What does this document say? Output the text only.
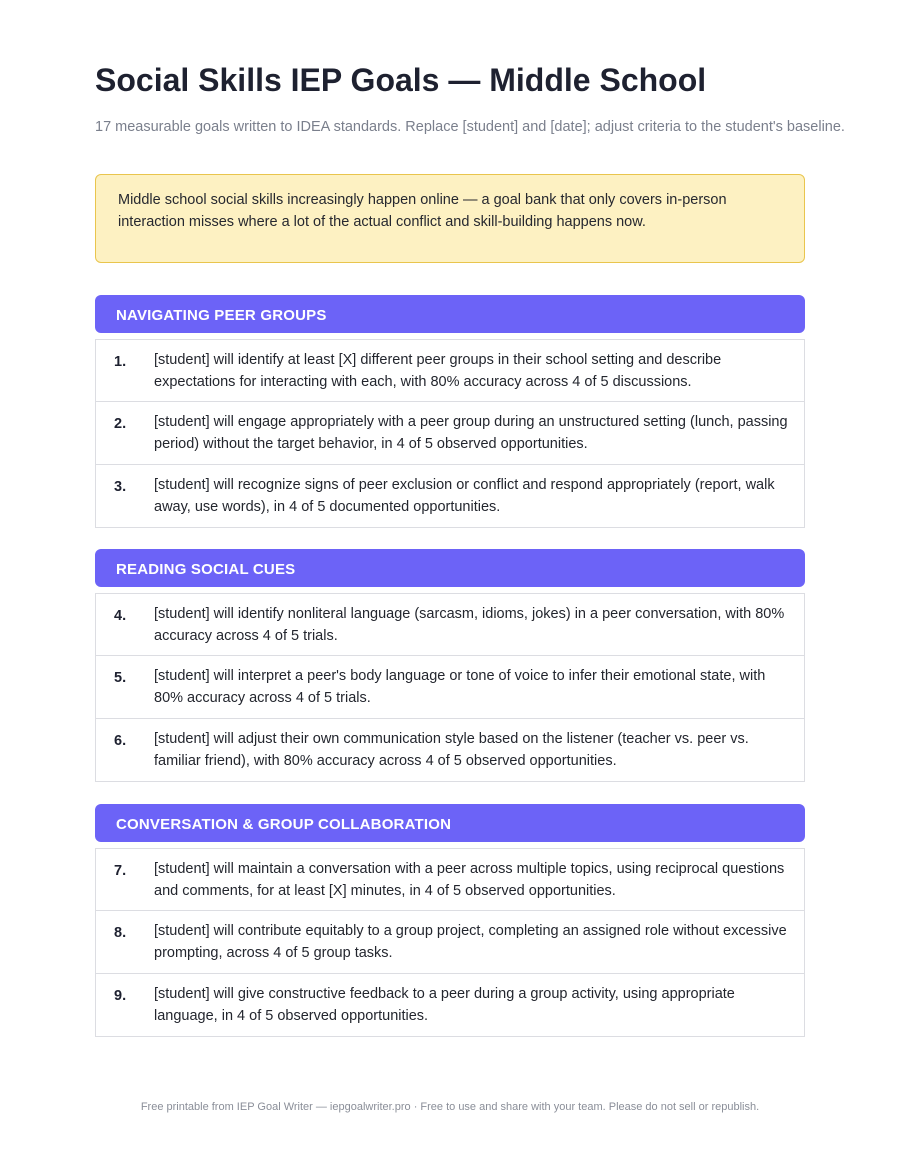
Social Skills IEP Goals — Middle School

17 measurable goals written to IDEA standards. Replace [student] and [date]; adjust criteria to the student's baseline.

Middle school social skills increasingly happen online — a goal bank that only covers in-person interaction misses where a lot of the actual conflict and skill-building happens now.
NAVIGATING PEER GROUPS
1. [student] will identify at least [X] different peer groups in their school setting and describe expectations for interacting with each, with 80% accuracy across 4 of 5 discussions.
2. [student] will engage appropriately with a peer group during an unstructured setting (lunch, passing period) without the target behavior, in 4 of 5 observed opportunities.
3. [student] will recognize signs of peer exclusion or conflict and respond appropriately (report, walk away, use words), in 4 of 5 documented opportunities.
READING SOCIAL CUES
4. [student] will identify nonliteral language (sarcasm, idioms, jokes) in a peer conversation, with 80% accuracy across 4 of 5 trials.
5. [student] will interpret a peer's body language or tone of voice to infer their emotional state, with 80% accuracy across 4 of 5 trials.
6. [student] will adjust their own communication style based on the listener (teacher vs. peer vs. familiar friend), with 80% accuracy across 4 of 5 observed opportunities.
CONVERSATION & GROUP COLLABORATION
7. [student] will maintain a conversation with a peer across multiple topics, using reciprocal questions and comments, for at least [X] minutes, in 4 of 5 observed opportunities.
8. [student] will contribute equitably to a group project, completing an assigned role without excessive prompting, across 4 of 5 group tasks.
9. [student] will give constructive feedback to a peer during a group activity, using appropriate language, in 4 of 5 observed opportunities.
Free printable from IEP Goal Writer — iepgoalwriter.pro · Free to use and share with your team. Please do not sell or republish.
